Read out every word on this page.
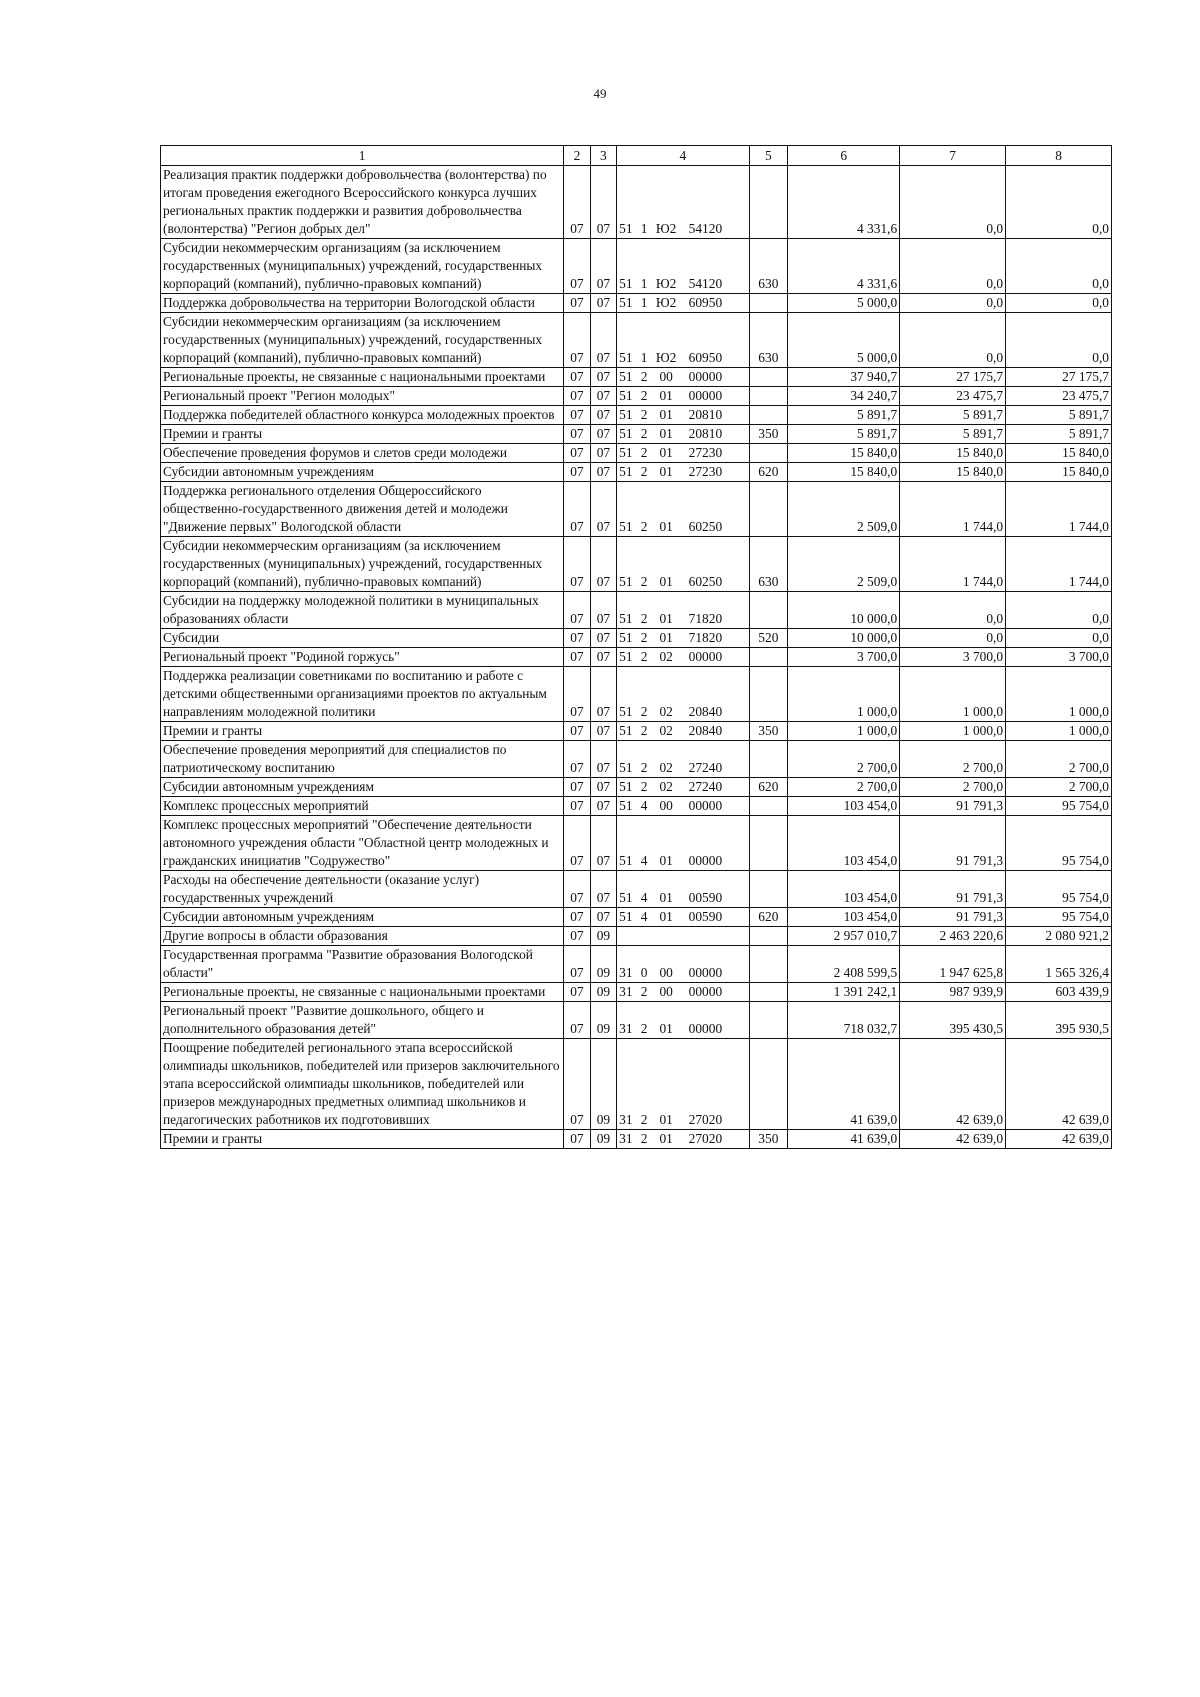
49
1	2	3	4	5	6	7	8
Реализация практик поддержки добровольчества (волонтерства) по итогам проведения ежегодного Всероссийского конкурса лучших региональных практик поддержки и развития добровольчества (волонтерства) "Регион добрых дел"	07	07	51 1 Ю2 54120		4 331,6	0,0	0,0
Субсидии некоммерческим организациям (за исключением государственных (муниципальных) учреждений, государственных корпораций (компаний), публично-правовых компаний)	07	07	51 1 Ю2 54120	630	4 331,6	0,0	0,0
Поддержка добровольчества на территории Вологодской области	07	07	51 1 Ю2 60950		5 000,0	0,0	0,0
Субсидии некоммерческим организациям (за исключением государственных (муниципальных) учреждений, государственных корпораций (компаний), публично-правовых компаний)	07	07	51 1 Ю2 60950	630	5 000,0	0,0	0,0
Региональные проекты, не связанные с национальными проектами	07	07	51 2 00 00000		37 940,7	27 175,7	27 175,7
Региональный проект "Регион молодых"	07	07	51 2 01 00000		34 240,7	23 475,7	23 475,7
Поддержка победителей областного конкурса молодежных проектов	07	07	51 2 01 20810		5 891,7	5 891,7	5 891,7
Премии и гранты	07	07	51 2 01 20810	350	5 891,7	5 891,7	5 891,7
Обеспечение проведения форумов и слетов среди молодежи	07	07	51 2 01 27230		15 840,0	15 840,0	15 840,0
Субсидии автономным учреждениям	07	07	51 2 01 27230	620	15 840,0	15 840,0	15 840,0
Поддержка регионального отделения Общероссийского общественно-государственного движения детей и молодежи "Движение первых" Вологодской области	07	07	51 2 01 60250		2 509,0	1 744,0	1 744,0
Субсидии некоммерческим организациям (за исключением государственных (муниципальных) учреждений, государственных корпораций (компаний), публично-правовых компаний)	07	07	51 2 01 60250	630	2 509,0	1 744,0	1 744,0
Субсидии на поддержку молодежной политики в муниципальных образованиях области	07	07	51 2 01 71820		10 000,0	0,0	0,0
Субсидии	07	07	51 2 01 71820	520	10 000,0	0,0	0,0
Региональный проект "Родиной горжусь"	07	07	51 2 02 00000		3 700,0	3 700,0	3 700,0
Поддержка реализации советниками по воспитанию и работе с детскими общественными организациями проектов по актуальным направлениям молодежной политики	07	07	51 2 02 20840		1 000,0	1 000,0	1 000,0
Премии и гранты	07	07	51 2 02 20840	350	1 000,0	1 000,0	1 000,0
Обеспечение проведения мероприятий для специалистов по патриотическому воспитанию	07	07	51 2 02 27240		2 700,0	2 700,0	2 700,0
Субсидии автономным учреждениям	07	07	51 2 02 27240	620	2 700,0	2 700,0	2 700,0
Комплекс процессных мероприятий	07	07	51 4 00 00000		103 454,0	91 791,3	95 754,0
Комплекс процессных мероприятий "Обеспечение деятельности автономного учреждения области "Областной центр молодежных и гражданских инициатив "Содружество"	07	07	51 4 01 00000		103 454,0	91 791,3	95 754,0
Расходы на обеспечение деятельности (оказание услуг) государственных учреждений	07	07	51 4 01 00590		103 454,0	91 791,3	95 754,0
Субсидии автономным учреждениям	07	07	51 4 01 00590	620	103 454,0	91 791,3	95 754,0
Другие вопросы в области образования	07	09			2 957 010,7	2 463 220,6	2 080 921,2
Государственная программа "Развитие образования Вологодской области"	07	09	31 0 00 00000		2 408 599,5	1 947 625,8	1 565 326,4
Региональные проекты, не связанные с национальными проектами	07	09	31 2 00 00000		1 391 242,1	987 939,9	603 439,9
Региональный проект "Развитие дошкольного, общего и дополнительного образования детей"	07	09	31 2 01 00000		718 032,7	395 430,5	395 930,5
Поощрение победителей регионального этапа всероссийской олимпиады школьников, победителей или призеров заключительного этапа всероссийской олимпиады школьников, победителей или призеров международных предметных олимпиад школьников и педагогических работников их подготовивших	07	09	31 2 01 27020		41 639,0	42 639,0	42 639,0
Премии и гранты	07	09	31 2 01 27020	350	41 639,0	42 639,0	42 639,0
